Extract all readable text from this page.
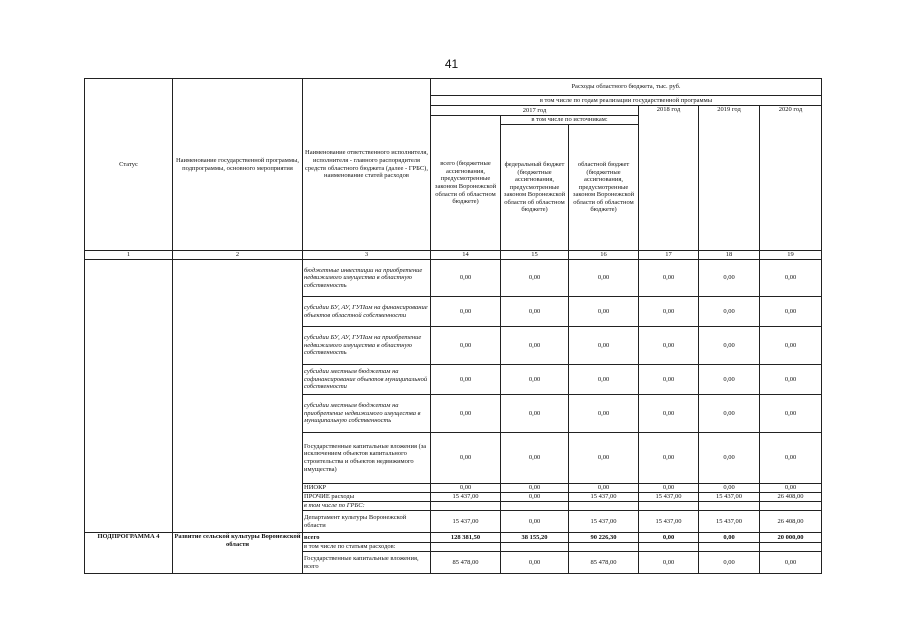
41
Статус	Наименование государственной программы, подпрограммы, основного мероприятия	Наименование ответственного исполнителя, исполнителя - главного распорядителя средств областного бюджета (далее - ГРБС), наименование статей расходов	Расходы областного бюджета, тыс. руб.					
			в том числе по годам реализации государственной программы					
			2017 год			2018 год	2019 год	2020 год
			всего (бюджетные ассигнования, предусмотренные законом Воронежской области об областном бюджете)	в том числе по источникам:				
				федеральный бюджет (бюджетные ассигнования, предусмотренные законом Воронежской области об областном бюджете)	областной бюджет (бюджетные ассигнования, предусмотренные законом Воронежской области об областном бюджете)			
1	2	3	14	15	16	17	18	19
		бюджетные инвестиции на приобретение недвижимого имущества в областную собственность	0,00	0,00	0,00	0,00	0,00	0,00
		субсидии БУ, АУ, ГУПам на финансирование объектов областной собственности	0,00	0,00	0,00	0,00	0,00	0,00
		субсидии БУ, АУ, ГУПам на приобретение недвижимого имущества в областную собственность	0,00	0,00	0,00	0,00	0,00	0,00
		субсидии местным бюджетам на софинансирование объектов муниципальной собственности	0,00	0,00	0,00	0,00	0,00	0,00
		субсидии местным бюджетам на приобретение недвижимого имущества в муниципальную собственность	0,00	0,00	0,00	0,00	0,00	0,00
		Государственные капитальные вложения (за исключением объектов капитального строительства и объектов недвижимого имущества)	0,00	0,00	0,00	0,00	0,00	0,00
		НИОКР	0,00	0,00	0,00	0,00	0,00	0,00
		ПРОЧИЕ расходы	15 437,00	0,00	15 437,00	15 437,00	15 437,00	26 408,00
		в том числе по ГРБС:						
		Департамент культуры Воронежской области	15 437,00	0,00	15 437,00	15 437,00	15 437,00	26 408,00
ПОДПРОГРАММА 4	Развитие сельской культуры Воронежской области	всего	128 381,50	38 155,20	90 226,30	0,00	0,00	20 000,00
		в том числе по статьям расходов:						
		Государственные капитальные вложения, всего	85 478,00	0,00	85 478,00	0,00	0,00	0,00
